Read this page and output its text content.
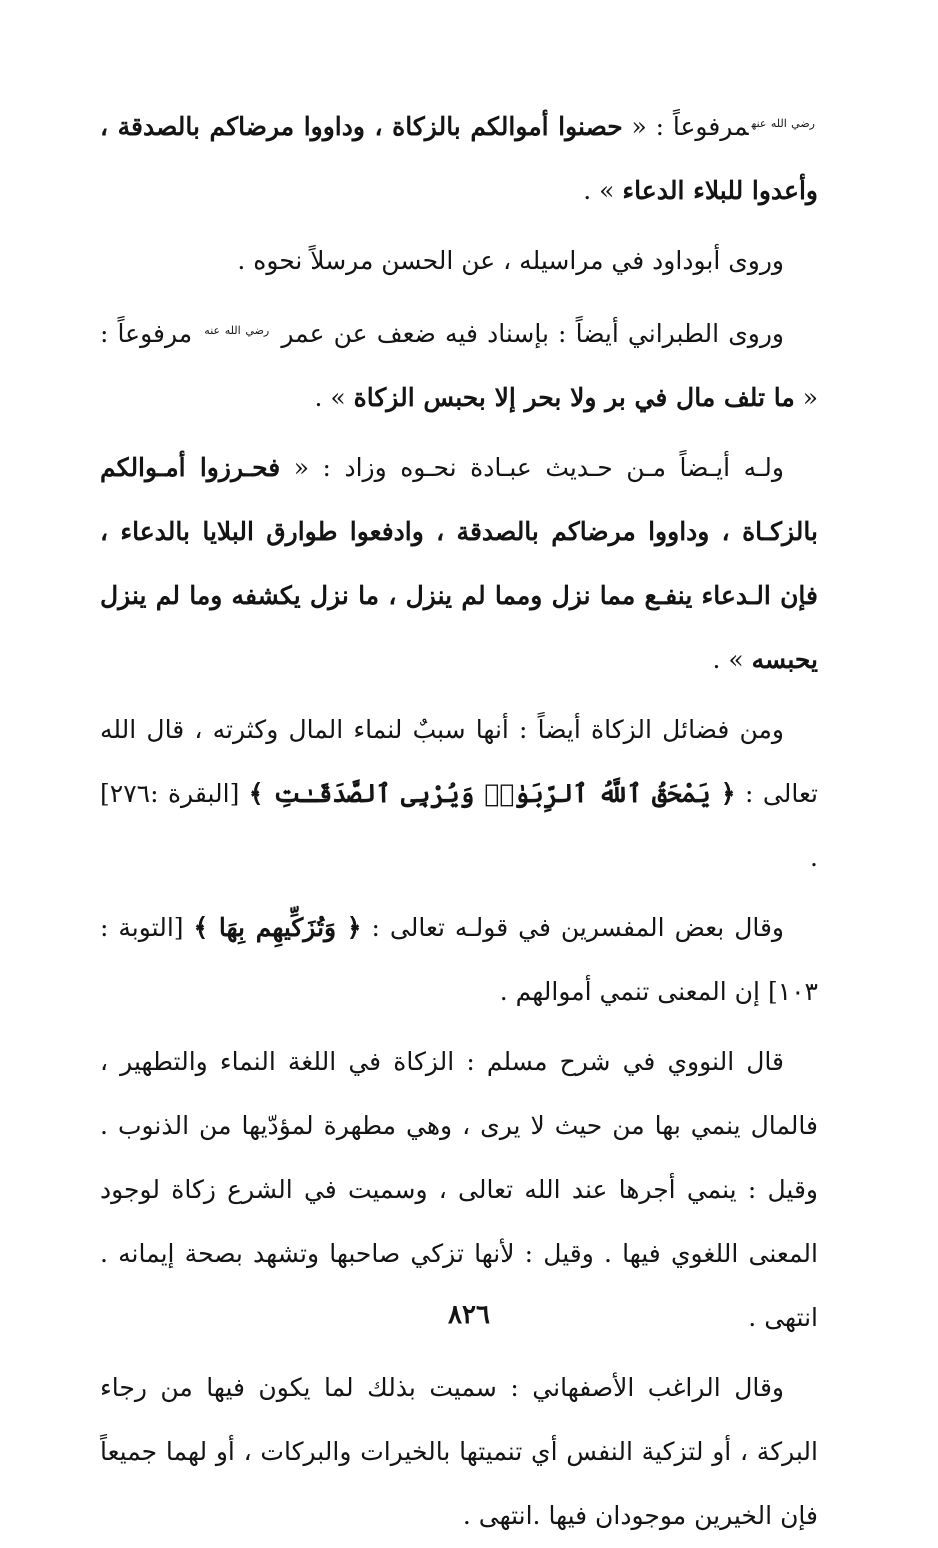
$^{رضي الله عنه}$مرفوعاً : « حصنوا أموالكم بالزكاة ، وداووا مرضاكم بالصدقة ، وأعدوا للبلاء الدعاء » .

وروى أبوداود في مراسيله ، عن الحسن مرسلاً نحوه .

وروى الطبراني أيضاً : بإسناد فيه ضعف عن عمر $^{رضي الله عنه}$ مرفوعاً : « ما تلف مال في بر ولا بحر إلا بحبس الزكاة » .

ولـه أيـضاً مـن حـديث عبـادة نحـوه وزاد : « فحـرزوا أمـوالكم بالزكـاة ، وداووا مرضاكم بالصدقة ، وادفعوا طوارق البلايا بالدعاء ، فإن الـدعاء ينفـع مما نزل ومما لم ينزل ، ما نزل يكشفه وما لم ينزل يحبسه » .

ومن فضائل الزكاة أيضاً : أنها سببٌ لنماء المال وكثرته ، قال الله تعالى : ﴿ يَمْحَقُ ٱللَّهُ ٱلرِّبَوٰا۟ وَيُرْبِى ٱلصَّدَقَـٰتِ ﴾ [البقرة :٢٧٦] .

وقال بعض المفسرين في قولـه تعالى : ﴿ وَتُزَكِّيهِم بِهَا ﴾ [التوبة : ١٠٣] إن المعنى تنمي أموالهم .

قال النووي في شرح مسلم : الزكاة في اللغة النماء والتطهير ، فالمال ينمي بها من حيث لا يرى ، وهي مطهرة لمؤدّيها من الذنوب . وقيل : ينمي أجرها عند الله تعالى ، وسميت في الشرع زكاة لوجود المعنى اللغوي فيها . وقيل : لأنها تزكي صاحبها وتشهد بصحة إيمانه . انتهى .

وقال الراغب الأصفهاني : سميت بذلك لما يكون فيها من رجاء البركة ، أو لتزكية النفس أي تنميتها بالخيرات والبركات ، أو لهما جميعاً فإن الخيرين موجودان فيها .انتهى .

٨٢٦
